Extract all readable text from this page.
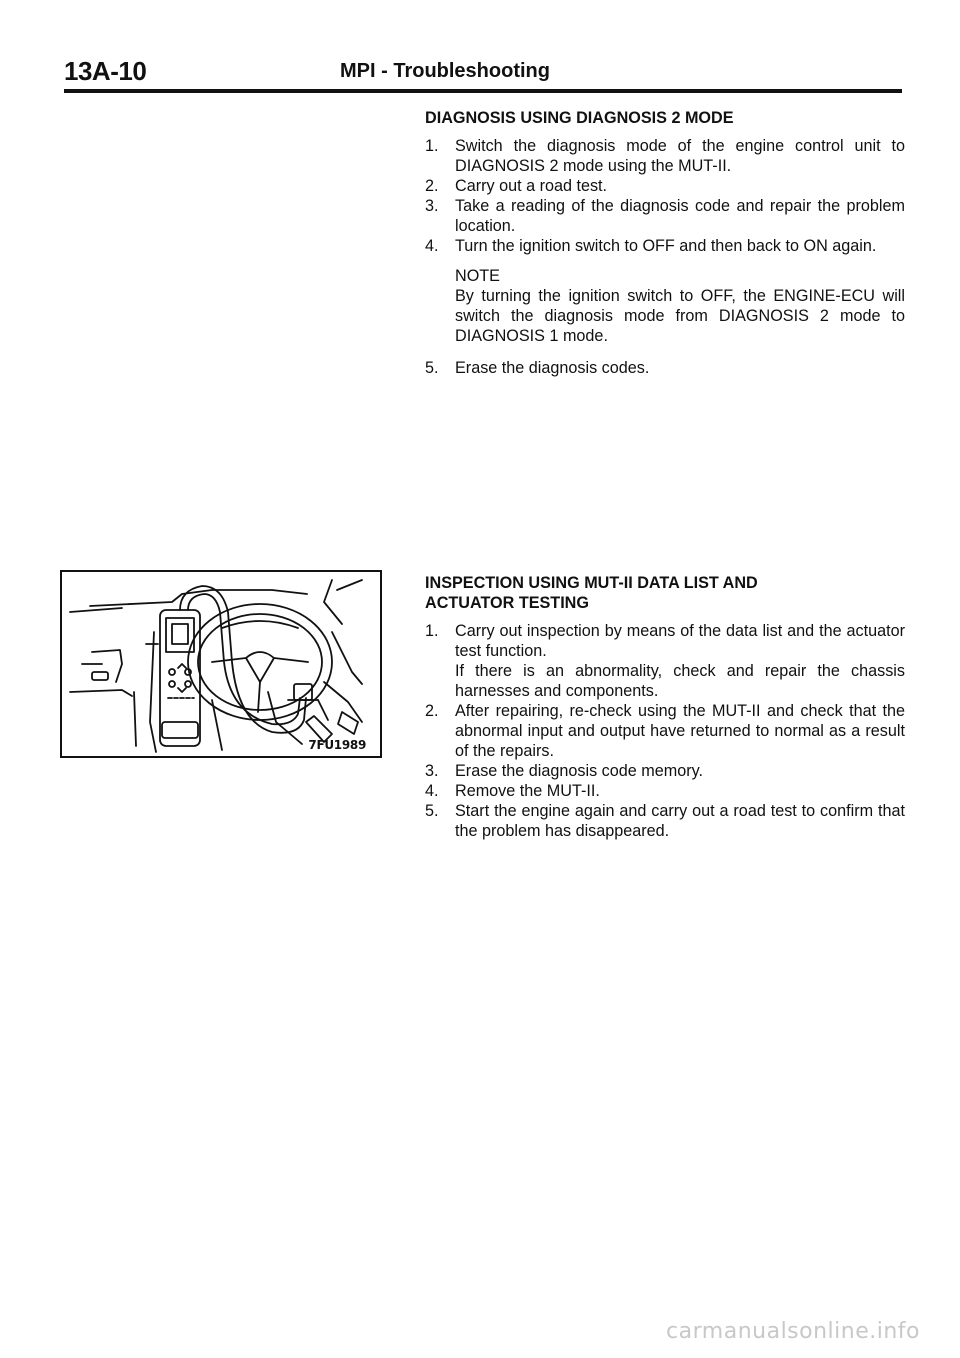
13A-10	MPI - Troubleshooting
DIAGNOSIS USING DIAGNOSIS 2 MODE
1. Switch the diagnosis mode of the engine control unit to DIAGNOSIS 2 mode using the MUT-II.
2. Carry out a road test.
3. Take a reading of the diagnosis code and repair the problem location.
4. Turn the ignition switch to OFF and then back to ON again.
NOTE
By turning the ignition switch to OFF, the ENGINE-ECU will switch the diagnosis mode from DIAGNOSIS 2 mode to DIAGNOSIS 1 mode.
5. Erase the diagnosis codes.
7FU1989
INSPECTION USING MUT-II DATA LIST AND
ACTUATOR TESTING
1. Carry out inspection by means of the data list and the actuator test function.
If there is an abnormality, check and repair the chassis harnesses and components.
2. After repairing, re-check using the MUT-II and check that the abnormal input and output have returned to normal as a result of the repairs.
3. Erase the diagnosis code memory.
4. Remove the MUT-II.
5. Start the engine again and carry out a road test to confirm that the problem has disappeared.
carmanualsonline.info
